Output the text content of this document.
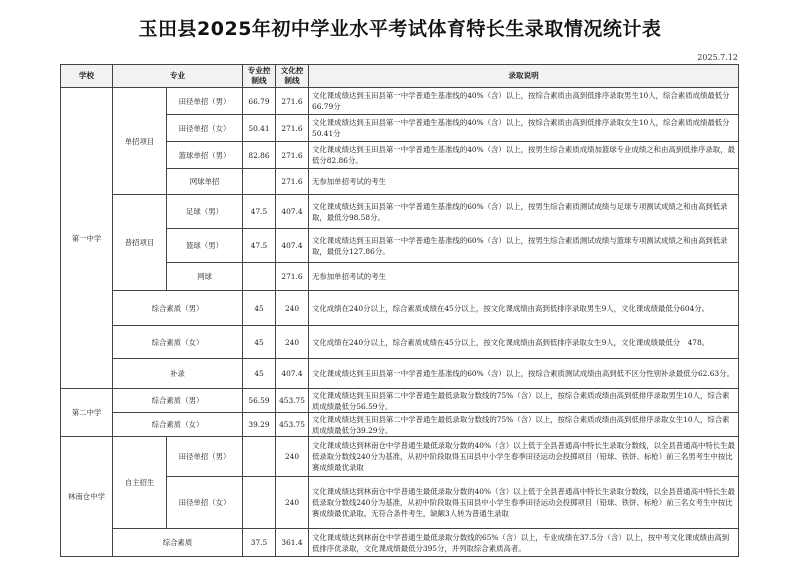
玉田县2025年初中学业水平考试体育特长生录取情况统计表
2025.7.12
学校	专业		专业控制线	文化控制线	录取说明
第一中学	单招项目	田径单招（男）	66.79	271.6	文化课成绩达到玉田县第一中学普通生基准线的40%（含）以上，按综合素质由高到低排序录取男生10人，综合素质成绩最低分66.79分
		田径单招（女）	50.41	271.6	文化课成绩达到玉田县第一中学普通生基准线的40%（含）以上，按综合素质由高到低排序录取女生10人，综合素质成绩最低分50.41分
		篮球单招（男）	82.86	271.6	文化课成绩达到玉田县第一中学普通生基准线的40%（含）以上，按男生综合素质成绩加篮球专业成绩之和由高到低排序录取，最低分82.86分。
		网球单招		271.6	无参加单招考试的考生
	普招项目	足球（男）	47.5	407.4	文化课成绩达到玉田县第一中学普通生基准线的60%（含）以上，按男生综合素质测试成绩与足球专项测试成绩之和由高到低录取，最低分98.58分。
		篮球（男）	47.5	407.4	文化课成绩达到玉田县第一中学普通生基准线的60%（含）以上，按男生综合素质测试成绩与篮球专项测试成绩之和由高到低录取，最低分127.86分。
		网球		271.6	无参加单招考试的考生
	综合素质（男）		45	240	文化成绩在240分以上，综合素质成绩在45分以上，按文化课成绩由高到低排序录取男生9人，文化课成绩最低分604分。
	综合素质（女）		45	240	文化成绩在240分以上，综合素质成绩在45分以上，按文化课成绩由高到低排序录取女生9人，文化课成绩最低分　478。
	补录		45	407.4	文化课成绩达到玉田县第一中学普通生基准线的60%（含）以上，按综合素质测试成绩由高到低不区分性别补录最低分62.63分。
第二中学	综合素质（男）		56.59	453.75	文化课成绩达到玉田县第二中学普通生最低录取分数线的75%（含）以上，按综合素质成绩由高到低排序录取男生10人，综合素质成绩最低分56.59分。
	综合素质（女）		39.29	453.75	文化课成绩达到玉田县第二中学普通生最低录取分数线的75%（含）以上，按综合素质成绩由高到低排序录取女生10人，综合素质成绩最低分39.29分。
林南仓中学	自主招生	田径单招（男）		240	文化课成绩达到林南仓中学普通生最低录取分数的40%（含）以上低于全县普通高中特长生录取分数线，以全县普通高中特长生最低录取分数线240分为基准，从初中阶段取得玉田县中小学生春季田径运动会投掷项目（铅球、铁饼、标枪）前三名男考生中按比赛成绩最优录取
		田径单招（女）		240	文化课成绩达到林南仓中学普通生最低录取分数的40%（含）以上低于全县普通高中特长生录取分数线，以全县普通高中特长生最低录取分数线240分为基准，从初中阶段取得玉田县中小学生春季田径运动会投掷项目（铅球、铁饼、标枪）前三名女考生中按比赛成绩最优录取。无符合条件考生，缺额3人转为普通生录取
	综合素质		37.5	361.4	文化课成绩达到林南仓中学普通生最低录取分数线的65%（含）以上，专业成绩在37.5分（含）以上，按中考文化课成绩由高到低排序优录取，文化课成绩最低分395分，并列取综合素质高者。
